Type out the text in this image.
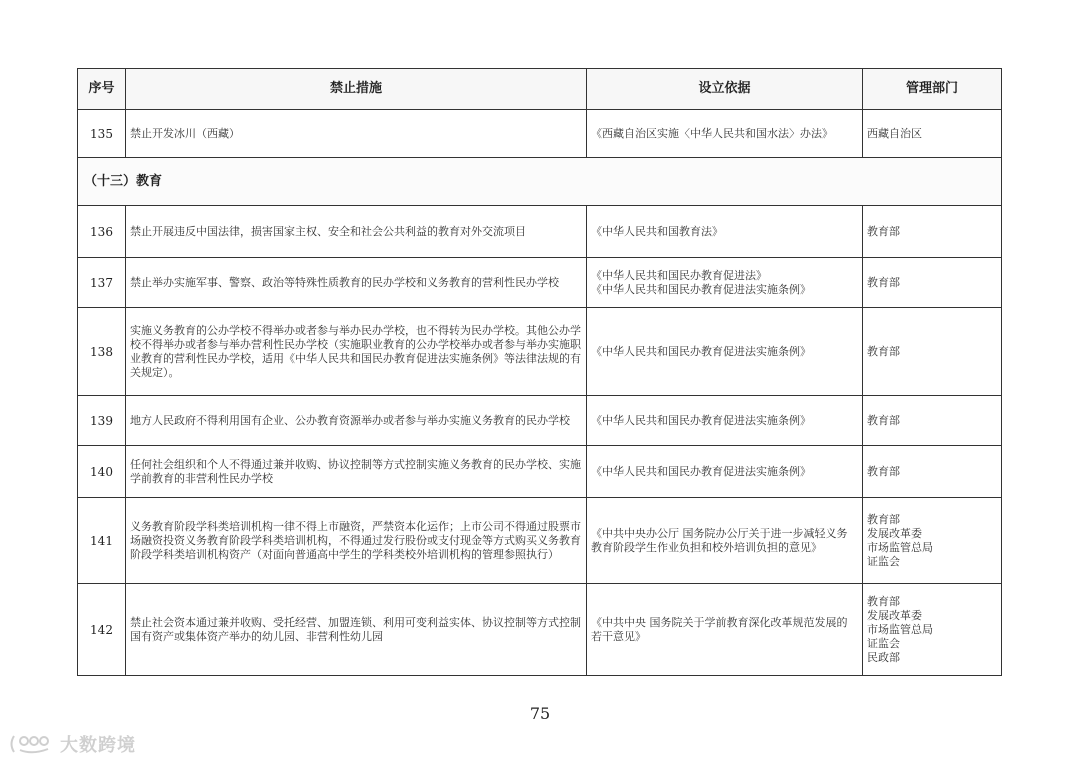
序号	禁止措施	设立依据	管理部门
135	禁止开发冰川（西藏）	《西藏自治区实施〈中华人民共和国水法〉办法》	西藏自治区
（十三）教育			
136	禁止开展违反中国法律，损害国家主权、安全和社会公共利益的教育对外交流项目	《中华人民共和国教育法》	教育部
137	禁止举办实施军事、警察、政治等特殊性质教育的民办学校和义务教育的营利性民办学校	《中华人民共和国民办教育促进法》
《中华人民共和国民办教育促进法实施条例》	教育部
138	实施义务教育的公办学校不得举办或者参与举办民办学校，也不得转为民办学校。其他公办学校不得举办或者参与举办营利性民办学校（实施职业教育的公办学校举办或者参与举办实施职业教育的营利性民办学校，适用《中华人民共和国民办教育促进法实施条例》等法律法规的有关规定）。	《中华人民共和国民办教育促进法实施条例》	教育部
139	地方人民政府不得利用国有企业、公办教育资源举办或者参与举办实施义务教育的民办学校	《中华人民共和国民办教育促进法实施条例》	教育部
140	任何社会组织和个人不得通过兼并收购、协议控制等方式控制实施义务教育的民办学校、实施学前教育的非营利性民办学校	《中华人民共和国民办教育促进法实施条例》	教育部
141	义务教育阶段学科类培训机构一律不得上市融资，严禁资本化运作；上市公司不得通过股票市场融资投资义务教育阶段学科类培训机构，不得通过发行股份或支付现金等方式购买义务教育阶段学科类培训机构资产（对面向普通高中学生的学科类校外培训机构的管理参照执行）	《中共中央办公厅 国务院办公厅关于进一步减轻义务教育阶段学生作业负担和校外培训负担的意见》	教育部
发展改革委
市场监管总局
证监会
142	禁止社会资本通过兼并收购、受托经营、加盟连锁、利用可变利益实体、协议控制等方式控制国有资产或集体资产举办的幼儿园、非营利性幼儿园	《中共中央 国务院关于学前教育深化改革规范发展的若干意见》	教育部
发展改革委
市场监管总局
证监会
民政部
75
大数跨境
